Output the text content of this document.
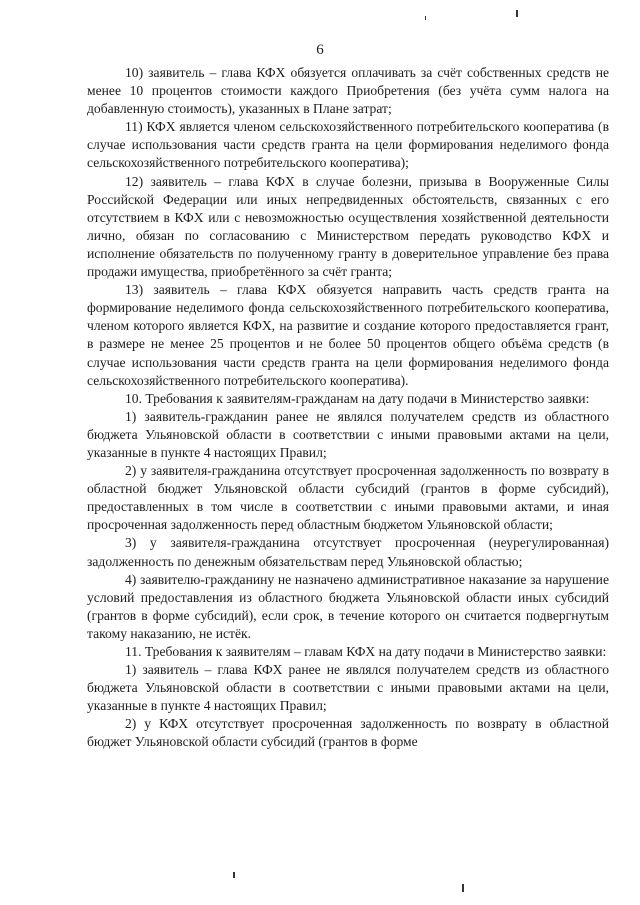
6

10) заявитель – глава КФХ обязуется оплачивать за счёт собственных средств не менее 10 процентов стоимости каждого Приобретения (без учёта сумм налога на добавленную стоимость), указанных в Плане затрат;

11) КФХ является членом сельскохозяйственного потребительского кооператива (в случае использования части средств гранта на цели формирования неделимого фонда сельскохозяйственного потребительского кооператива);

12) заявитель – глава КФХ в случае болезни, призыва в Вооруженные Силы Российской Федерации или иных непредвиденных обстоятельств, связанных с его отсутствием в КФХ или с невозможностью осуществления хозяйственной деятельности лично, обязан по согласованию с Министерством передать руководство КФХ и исполнение обязательств по полученному гранту в доверительное управление без права продажи имущества, приобретённого за счёт гранта;

13) заявитель – глава КФХ обязуется направить часть средств гранта на формирование неделимого фонда сельскохозяйственного потребительского кооператива, членом которого является КФХ, на развитие и создание которого предоставляется грант, в размере не менее 25 процентов и не более 50 процентов общего объёма средств (в случае использования части средств гранта на цели формирования неделимого фонда сельскохозяйственного потребительского кооператива).

10. Требования к заявителям-гражданам на дату подачи в Министерство заявки:

1) заявитель-гражданин ранее не являлся получателем средств из областного бюджета Ульяновской области в соответствии с иными правовыми актами на цели, указанные в пункте 4 настоящих Правил;

2) у заявителя-гражданина отсутствует просроченная задолженность по возврату в областной бюджет Ульяновской области субсидий (грантов в форме субсидий), предоставленных в том числе в соответствии с иными правовыми актами, и иная просроченная задолженность перед областным бюджетом Ульяновской области;

3) у заявителя-гражданина отсутствует просроченная (неурегулированная) задолженность по денежным обязательствам перед Ульяновской областью;

4) заявителю-гражданину не назначено административное наказание за нарушение условий предоставления из областного бюджета Ульяновской области иных субсидий (грантов в форме субсидий), если срок, в течение которого он считается подвергнутым такому наказанию, не истёк.

11. Требования к заявителям – главам КФХ на дату подачи в Министерство заявки:

1) заявитель – глава КФХ ранее не являлся получателем средств из областного бюджета Ульяновской области в соответствии с иными правовыми актами на цели, указанные в пункте 4 настоящих Правил;

2) у КФХ отсутствует просроченная задолженность по возврату в областной бюджет Ульяновской области субсидий (грантов в форме
